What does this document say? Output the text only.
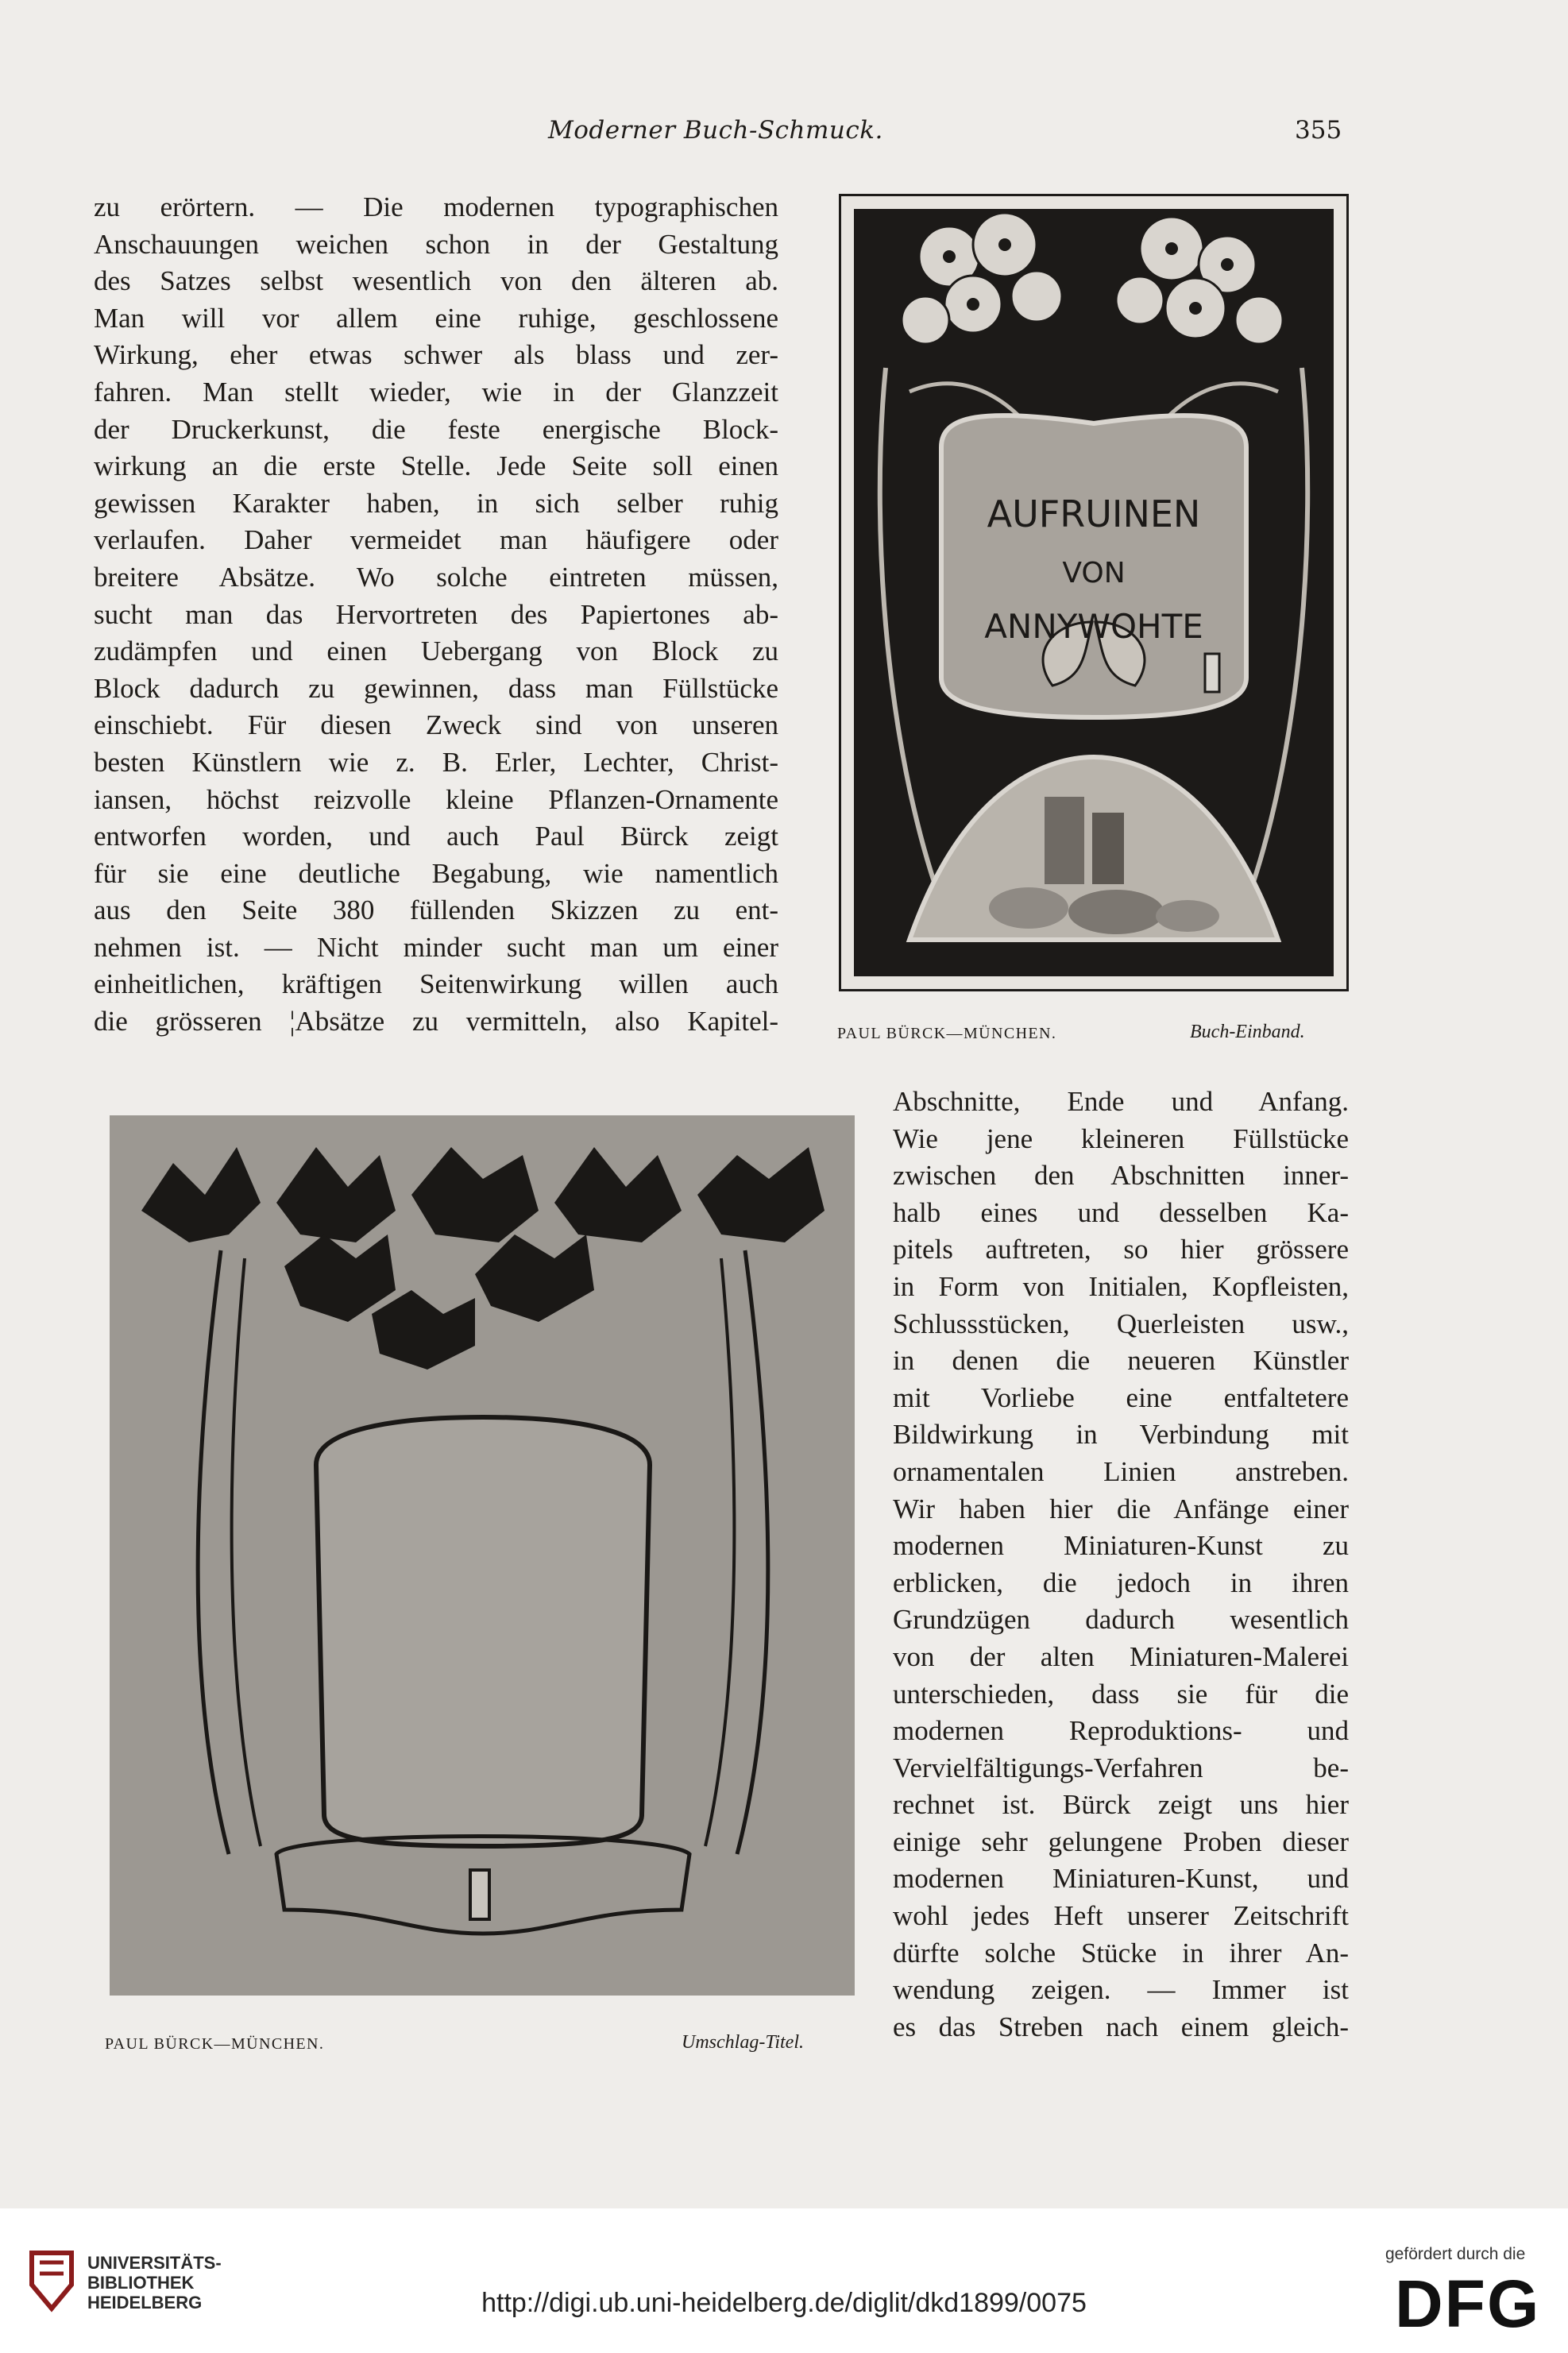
Moderner Buch-Schmuck.	355
zu erörtern. — Die modernen typographischen
Anschauungen weichen schon in der Gestaltung
des Satzes selbst wesentlich von den älteren ab.
Man will vor allem eine ruhige, geschlossene
Wirkung, eher etwas schwer als blass und zer-
fahren. Man stellt wieder, wie in der Glanzzeit
der Druckerkunst, die feste energische Block-
wirkung an die erste Stelle. Jede Seite soll einen
gewissen Karakter haben, in sich selber ruhig
verlaufen. Daher vermeidet man häufigere oder
breitere Absätze. Wo solche eintreten müssen,
sucht man das Hervortreten des Papiertones ab-
zudämpfen und einen Uebergang von Block zu
Block dadurch zu gewinnen, dass man Füllstücke
einschiebt. Für diesen Zweck sind von unseren
besten Künstlern wie z. B. Erler, Lechter, Christ-
iansen, höchst reizvolle kleine Pflanzen-Ornamente
entworfen worden, und auch Paul Bürck zeigt
für sie eine deutliche Begabung, wie namentlich
aus den Seite 380 füllenden Skizzen zu ent-
nehmen ist. — Nicht minder sucht man um einer
einheitlichen, kräftigen Seitenwirkung willen auch
die grösseren ¦Absätze zu vermitteln, also Kapitel-
AUFRUINEN
VON
ANNYWOHTE
PAUL BÜRCK—MÜNCHEN.	Buch-Einband.
PAUL BÜRCK—MÜNCHEN.	Umschlag-Titel.
Abschnitte, Ende und Anfang.
Wie jene kleineren Füllstücke
zwischen den Abschnitten inner-
halb eines und desselben Ka-
pitels auftreten, so hier grössere
in Form von Initialen, Kopfleisten,
Schlussstücken, Querleisten usw.,
in denen die neueren Künstler
mit Vorliebe eine entfaltetere
Bildwirkung in Verbindung mit
ornamentalen Linien anstreben.
Wir haben hier die Anfänge einer
modernen Miniaturen-Kunst zu
erblicken, die jedoch in ihren
Grundzügen dadurch wesentlich
von der alten Miniaturen-Malerei
unterschieden, dass sie für die
modernen Reproduktions- und
Vervielfältigungs-Verfahren be-
rechnet ist. Bürck zeigt uns hier
einige sehr gelungene Proben dieser
modernen Miniaturen-Kunst, und
wohl jedes Heft unserer Zeitschrift
dürfte solche Stücke in ihrer An-
wendung zeigen. — Immer ist
es das Streben nach einem gleich-
UNIVERSITÄTS-
BIBLIOTHEK
HEIDELBERG	http://digi.ub.uni-heidelberg.de/diglit/dkd1899/0075
gefördert durch die
DFG
